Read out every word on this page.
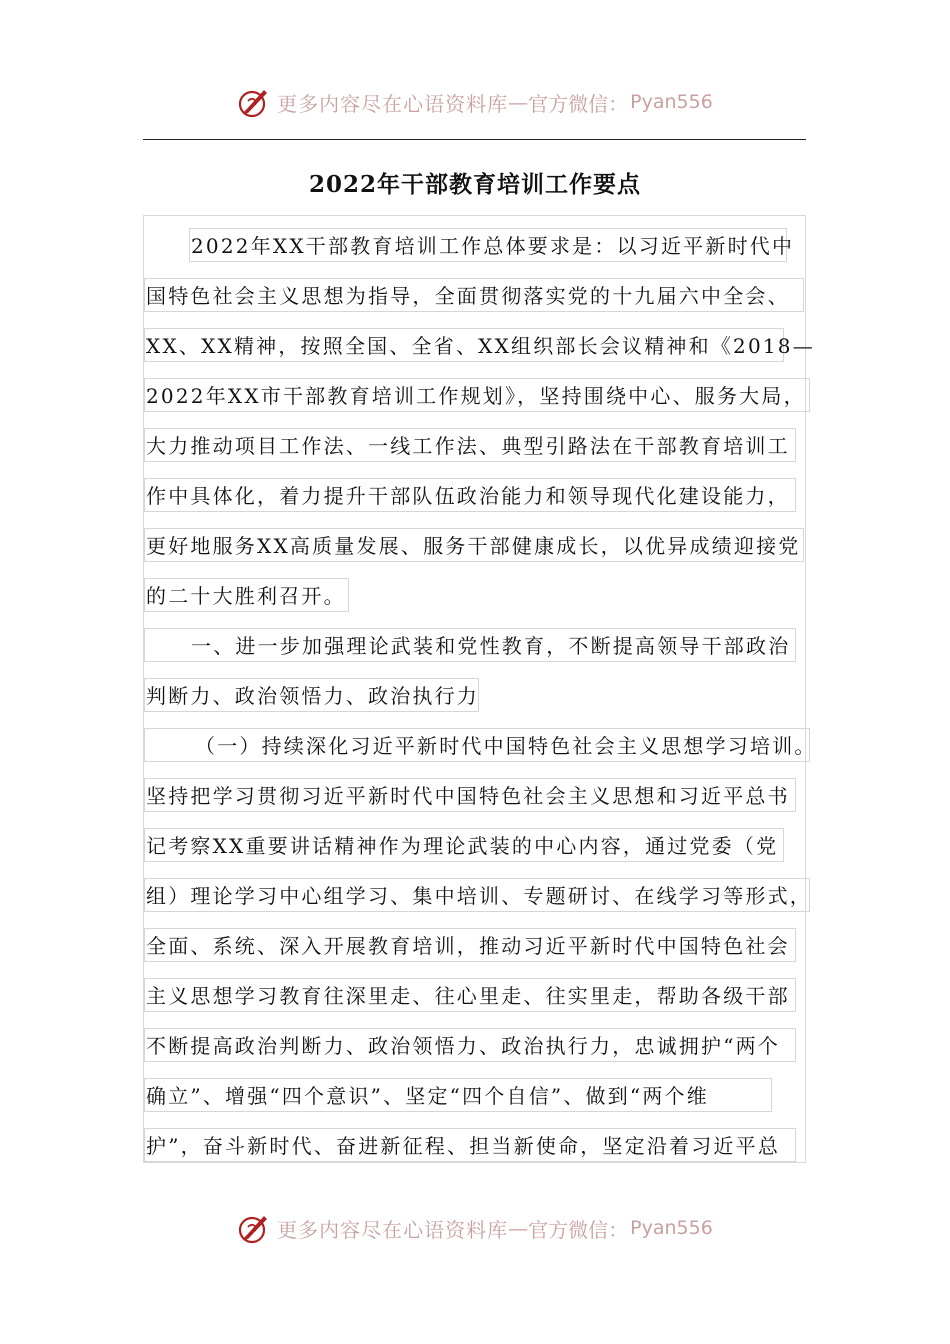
更多内容尽在心语资料库 — 官方微信： Pyan556
2022年干部教育培训工作要点
2022年XX干部教育培训工作总体要求是：以习近平新时代中
国特色社会主义思想为指导，全面贯彻落实党的十九届六中全会、
XX、XX精神，按照全国、全省、XX组织部长会议精神和《2018—
2022年XX市干部教育培训工作规划》，坚持围绕中心、服务大局，
大力推动项目工作法、一线工作法、典型引路法在干部教育培训工
作中具体化，着力提升干部队伍政治能力和领导现代化建设能力，
更好地服务XX高质量发展、服务干部健康成长，以优异成绩迎接党
的二十大胜利召开。
一、进一步加强理论武装和党性教育，不断提高领导干部政治
判断力、政治领悟力、政治执行力
（一）持续深化习近平新时代中国特色社会主义思想学习培训。
坚持把学习贯彻习近平新时代中国特色社会主义思想和习近平总书
记考察XX重要讲话精神作为理论武装的中心内容，通过党委（党
组）理论学习中心组学习、集中培训、专题研讨、在线学习等形式，
全面、系统、深入开展教育培训，推动习近平新时代中国特色社会
主义思想学习教育往深里走、往心里走、往实里走，帮助各级干部
不断提高政治判断力、政治领悟力、政治执行力，忠诚拥护“两个
确立”、增强“四个意识”、坚定“四个自信”、做到“两个维
护”，奋斗新时代、奋进新征程、担当新使命，坚定沿着习近平总
更多内容尽在心语资料库 — 官方微信： Pyan556
